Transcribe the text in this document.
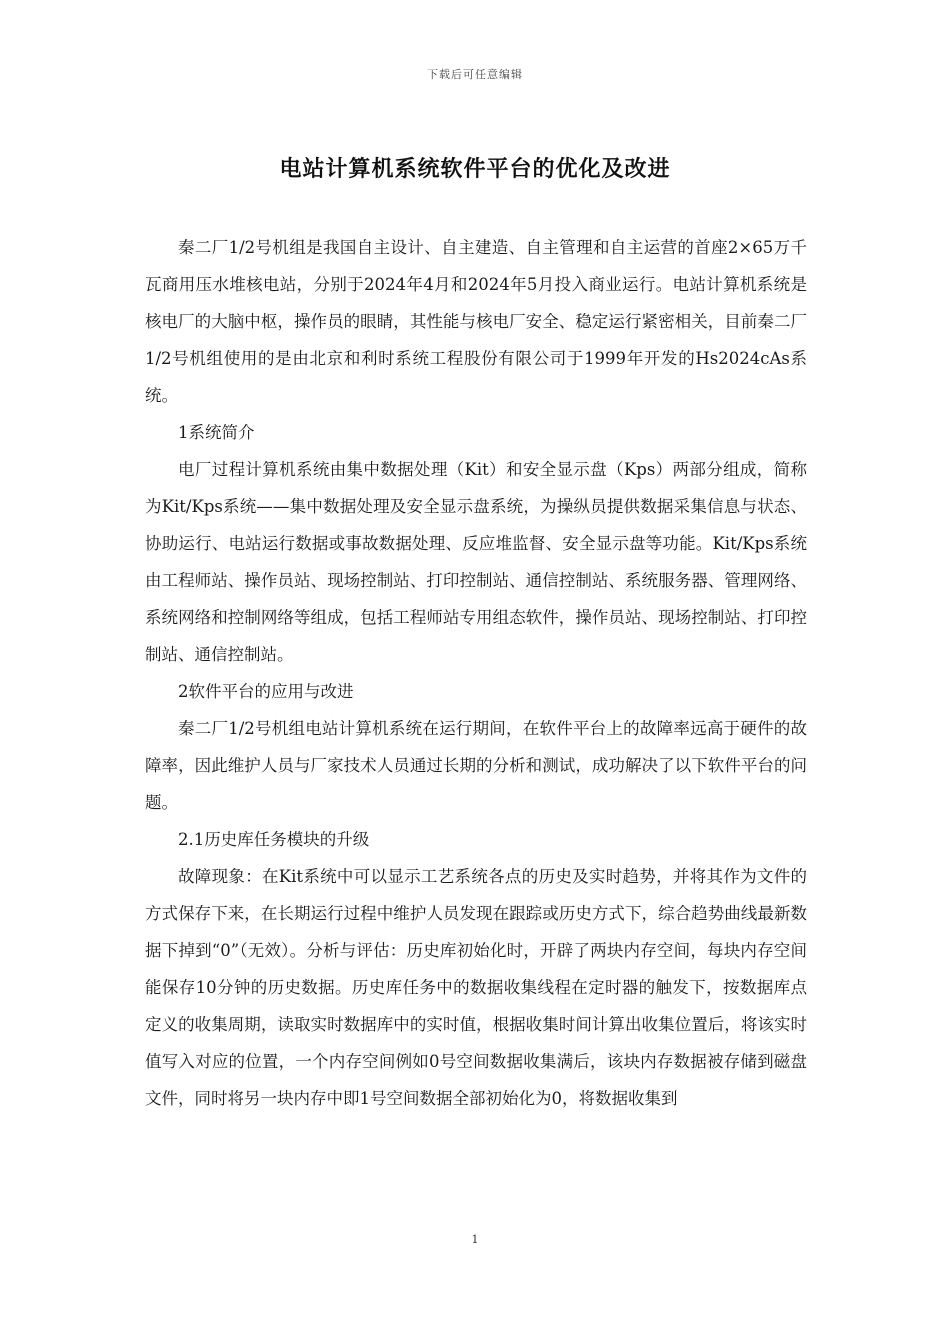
下载后可任意编辑
电站计算机系统软件平台的优化及改进

秦二厂1/2号机组是我国自主设计、自主建造、自主管理和自主运营的首座2×65万千瓦商用压水堆核电站，分别于2024年4月和2024年5月投入商业运行。电站计算机系统是核电厂的大脑中枢，操作员的眼睛，其性能与核电厂安全、稳定运行紧密相关，目前秦二厂1/2号机组使用的是由北京和利时系统工程股份有限公司于1999年开发的Hs2024cAs系统。

1系统简介

电厂过程计算机系统由集中数据处理（Kit）和安全显示盘（Kps）两部分组成，简称为Kit/Kps系统——集中数据处理及安全显示盘系统，为操纵员提供数据采集信息与状态、协助运行、电站运行数据或事故数据处理、反应堆监督、安全显示盘等功能。Kit/Kps系统由工程师站、操作员站、现场控制站、打印控制站、通信控制站、系统服务器、管理网络、系统网络和控制网络等组成，包括工程师站专用组态软件，操作员站、现场控制站、打印控制站、通信控制站。

2软件平台的应用与改进

秦二厂1/2号机组电站计算机系统在运行期间，在软件平台上的故障率远高于硬件的故障率，因此维护人员与厂家技术人员通过长期的分析和测试，成功解决了以下软件平台的问题。

2.1历史库任务模块的升级

故障现象：在Kit系统中可以显示工艺系统各点的历史及实时趋势，并将其作为文件的方式保存下来，在长期运行过程中维护人员发现在跟踪或历史方式下，综合趋势曲线最新数据下掉到“0”（无效）。分析与评估：历史库初始化时，开辟了两块内存空间，每块内存空间能保存10分钟的历史数据。历史库任务中的数据收集线程在定时器的触发下，按数据库点定义的收集周期，读取实时数据库中的实时值，根据收集时间计算出收集位置后，将该实时值写入对应的位置，一个内存空间例如0号空间数据收集满后，该块内存数据被存储到磁盘文件，同时将另一块内存中即1号空间数据全部初始化为0，将数据收集到

1
